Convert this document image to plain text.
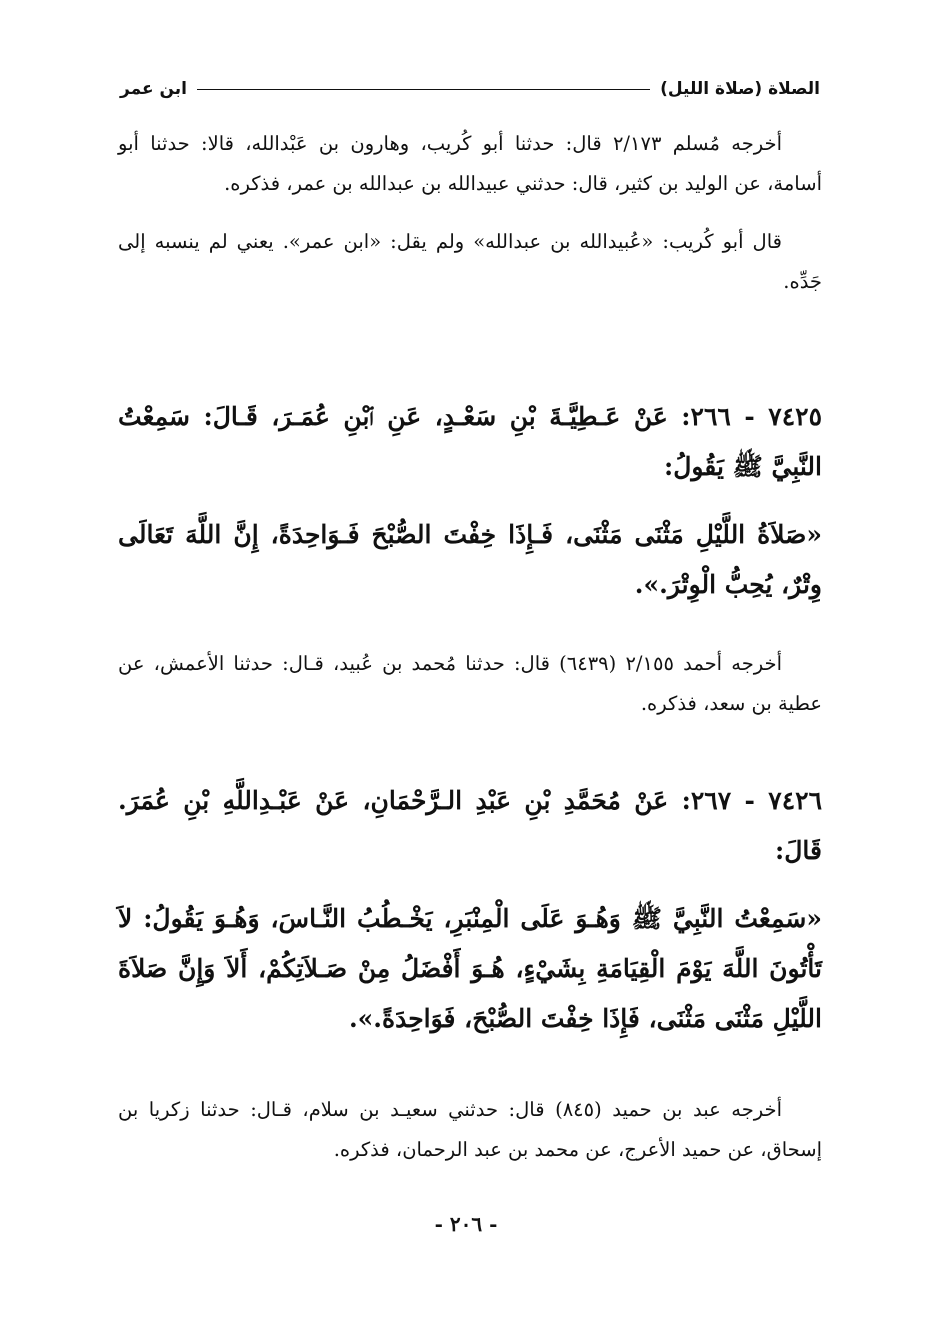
الصلاة (صلاة الليل)
ابن عمر

أخرجه مُسلم ٢/١٧٣ قال: حدثنا أبو كُريب، وهارون بن عَبْدالله، قالا: حدثنا أبو أسامة، عن الوليد بن كثير، قال: حدثني عبيدالله بن عبدالله بن عمر، فذكره.

قال أبو كُريب: «عُبيدالله بن عبدالله» ولم يقل: «ابن عمر». يعني لم ينسبه إلى جَدِّه.

٧٤٢٥ - ٢٦٦: عَنْ عَـطِيَّـةَ بْنِ سَعْـدٍ، عَنِ ٱبْنِ عُمَـرَ، قَـالَ: سَمِعْتُ النَّبِيَّ ﷺ يَقُولُ:
«صَلاَةُ اللَّيْلِ مَثْنَى مَثْنَى، فَـإِذَا خِفْتَ الصُّبْحَ فَـوَاحِدَةً، إِنَّ اللَّهَ تَعَالَى وِتْرٌ، يُحِبُّ الْوِتْرَ.».

أخرجه أحمد ٢/١٥٥ (٦٤٣٩) قال: حدثنا مُحمد بن عُبيد، قـال: حدثنا الأعمش، عن عطية بن سعد، فذكره.

٧٤٢٦ - ٢٦٧: عَنْ مُحَمَّدِ بْنِ عَبْدِ الـرَّحْمَانِ، عَنْ عَبْـدِاللَّهِ بْنِ عُمَرَ. قَالَ:
«سَمِعْتُ النَّبِيَّ ﷺ وَهُـوَ عَلَى الْمِنْبَرِ، يَخْـطُبُ النَّـاسَ، وَهُـوَ يَقُولُ: لاَ تَأْتُونَ اللَّهَ يَوْمَ الْقِيَامَةِ بِشَيْءٍ، هُـوَ أَفْضَلُ مِنْ صَـلاَتِكُمْ، أَلاَ وَإِنَّ صَلاَةَ اللَّيْلِ مَثْنَى مَثْنَى، فَإِذَا خِفْتَ الصُّبْحَ، فَوَاحِدَةً.».

أخرجه عبد بن حميد (٨٤٥) قال: حدثني سعيـد بن سلام، قـال: حدثنا زكريا بن إسحاق، عن حميد الأعرج، عن محمد بن عبد الرحمان، فذكره.

- ٢٠٦ -
